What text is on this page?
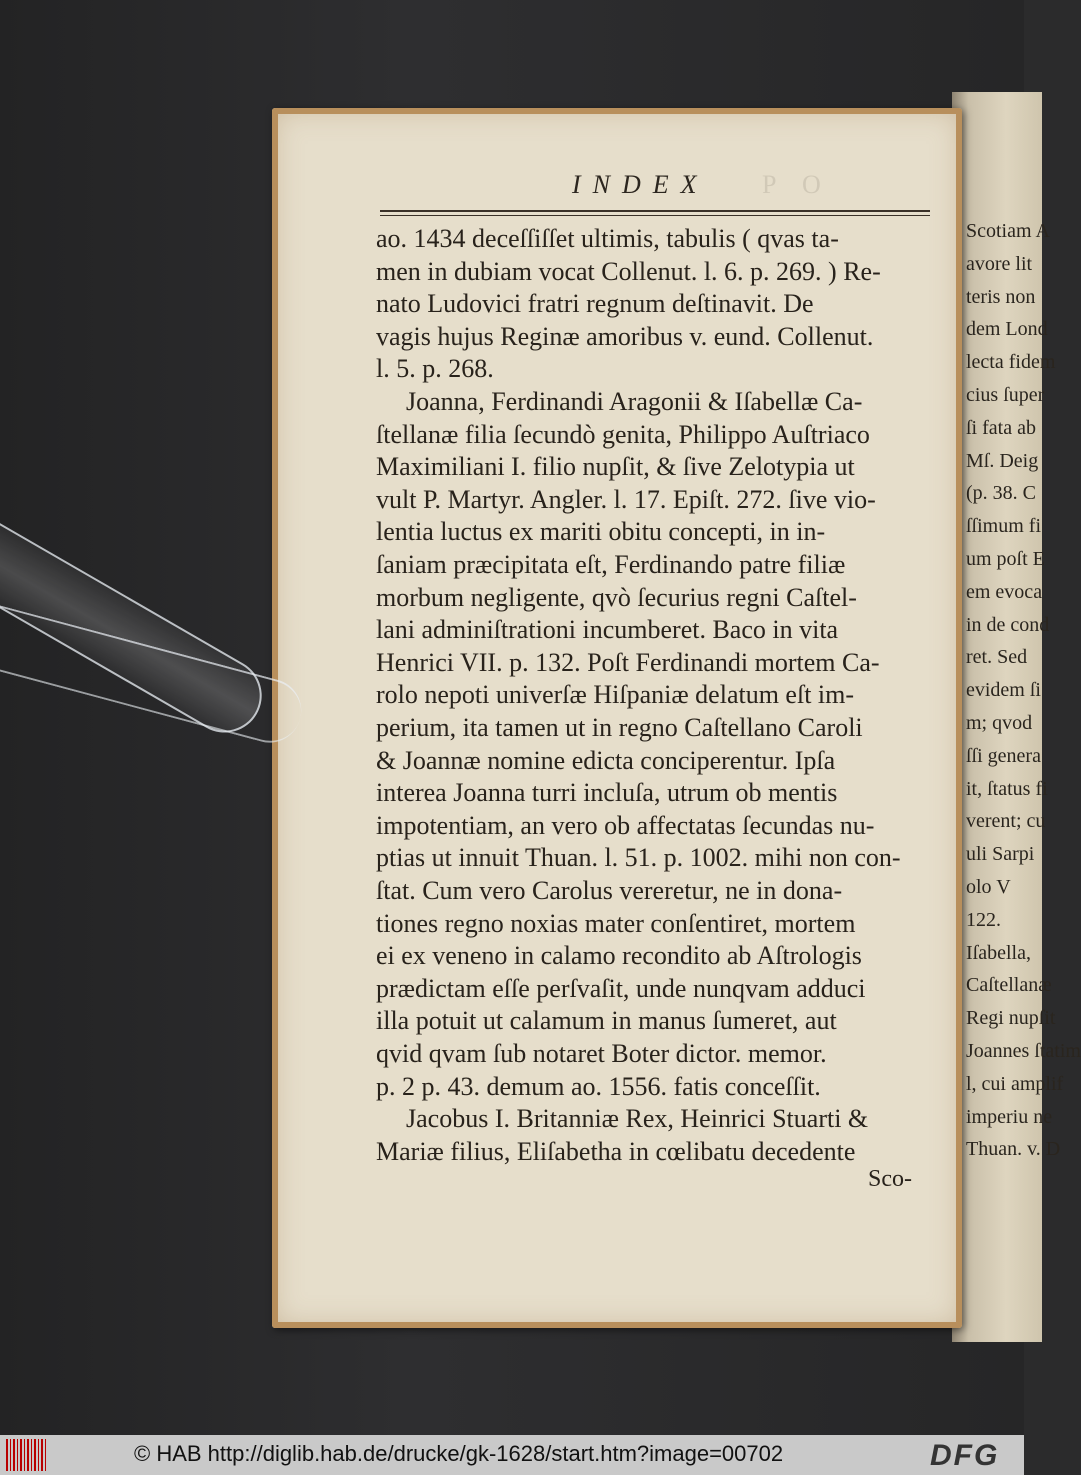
Scotiam A
avore lit
teris non
dem Lond
lecta fidem
cius ſuper
ſi fata ab
Mſ. Deig
(p. 38. C
ſſimum fi
um poſt E
em evoca
in de cond
ret. Sed
evidem ſi
m; qvod
ſſi genera
it, ſtatus fi
verent; cu
uli Sarpi
olo V
122.
Iſabella,
Caſtellanæ
Regi nupſit
Joannes ſtatim
l, cui amplif
imperiu ne
Thuan. v. D
INDEX P O
ao. 1434 deceſſiſſet ultimis, tabulis ( qvas ta-
men in dubiam vocat Collenut. l. 6. p. 269. ) Re-
nato Ludovici fratri regnum deſtinavit. De
vagis hujus Reginæ amoribus v. eund. Collenut.
l. 5. p. 268.
Joanna, Ferdinandi Aragonii & Iſabellæ Ca-
ſtellanæ filia ſecundò genita, Philippo Auſtriaco
Maximiliani I. filio nupſit, & ſive Zelotypia ut
vult P. Martyr. Angler. l. 17. Epiſt. 272. ſive vio-
lentia luctus ex mariti obitu concepti, in in-
ſaniam præcipitata eſt, Ferdinando patre filiæ
morbum negligente, qvò ſecurius regni Caſtel-
lani adminiſtrationi incumberet. Baco in vita
Henrici VII. p. 132. Poſt Ferdinandi mortem Ca-
rolo nepoti univerſæ Hiſpaniæ delatum eſt im-
perium, ita tamen ut in regno Caſtellano Caroli
& Joannæ nomine edicta conciperentur. Ipſa
interea Joanna turri incluſa, utrum ob mentis
impotentiam, an vero ob affectatas ſecundas nu-
ptias ut innuit Thuan. l. 51. p. 1002. mihi non con-
ſtat. Cum vero Carolus vereretur, ne in dona-
tiones regno noxias mater conſentiret, mortem
ei ex veneno in calamo recondito ab Aſtrologis
prædictam eſſe perſvaſit, unde nunqvam adduci
illa potuit ut calamum in manus ſumeret, aut
qvid qvam ſub notaret Boter dictor. memor.
p. 2 p. 43. demum ao. 1556. fatis conceſſit.
Jacobus I. Britanniæ Rex, Heinrici Stuarti &
Mariæ filius, Eliſabetha in cœlibatu decedente
Sco-
© HAB http://diglib.hab.de/drucke/gk-1628/start.htm?image=00702	DFG
